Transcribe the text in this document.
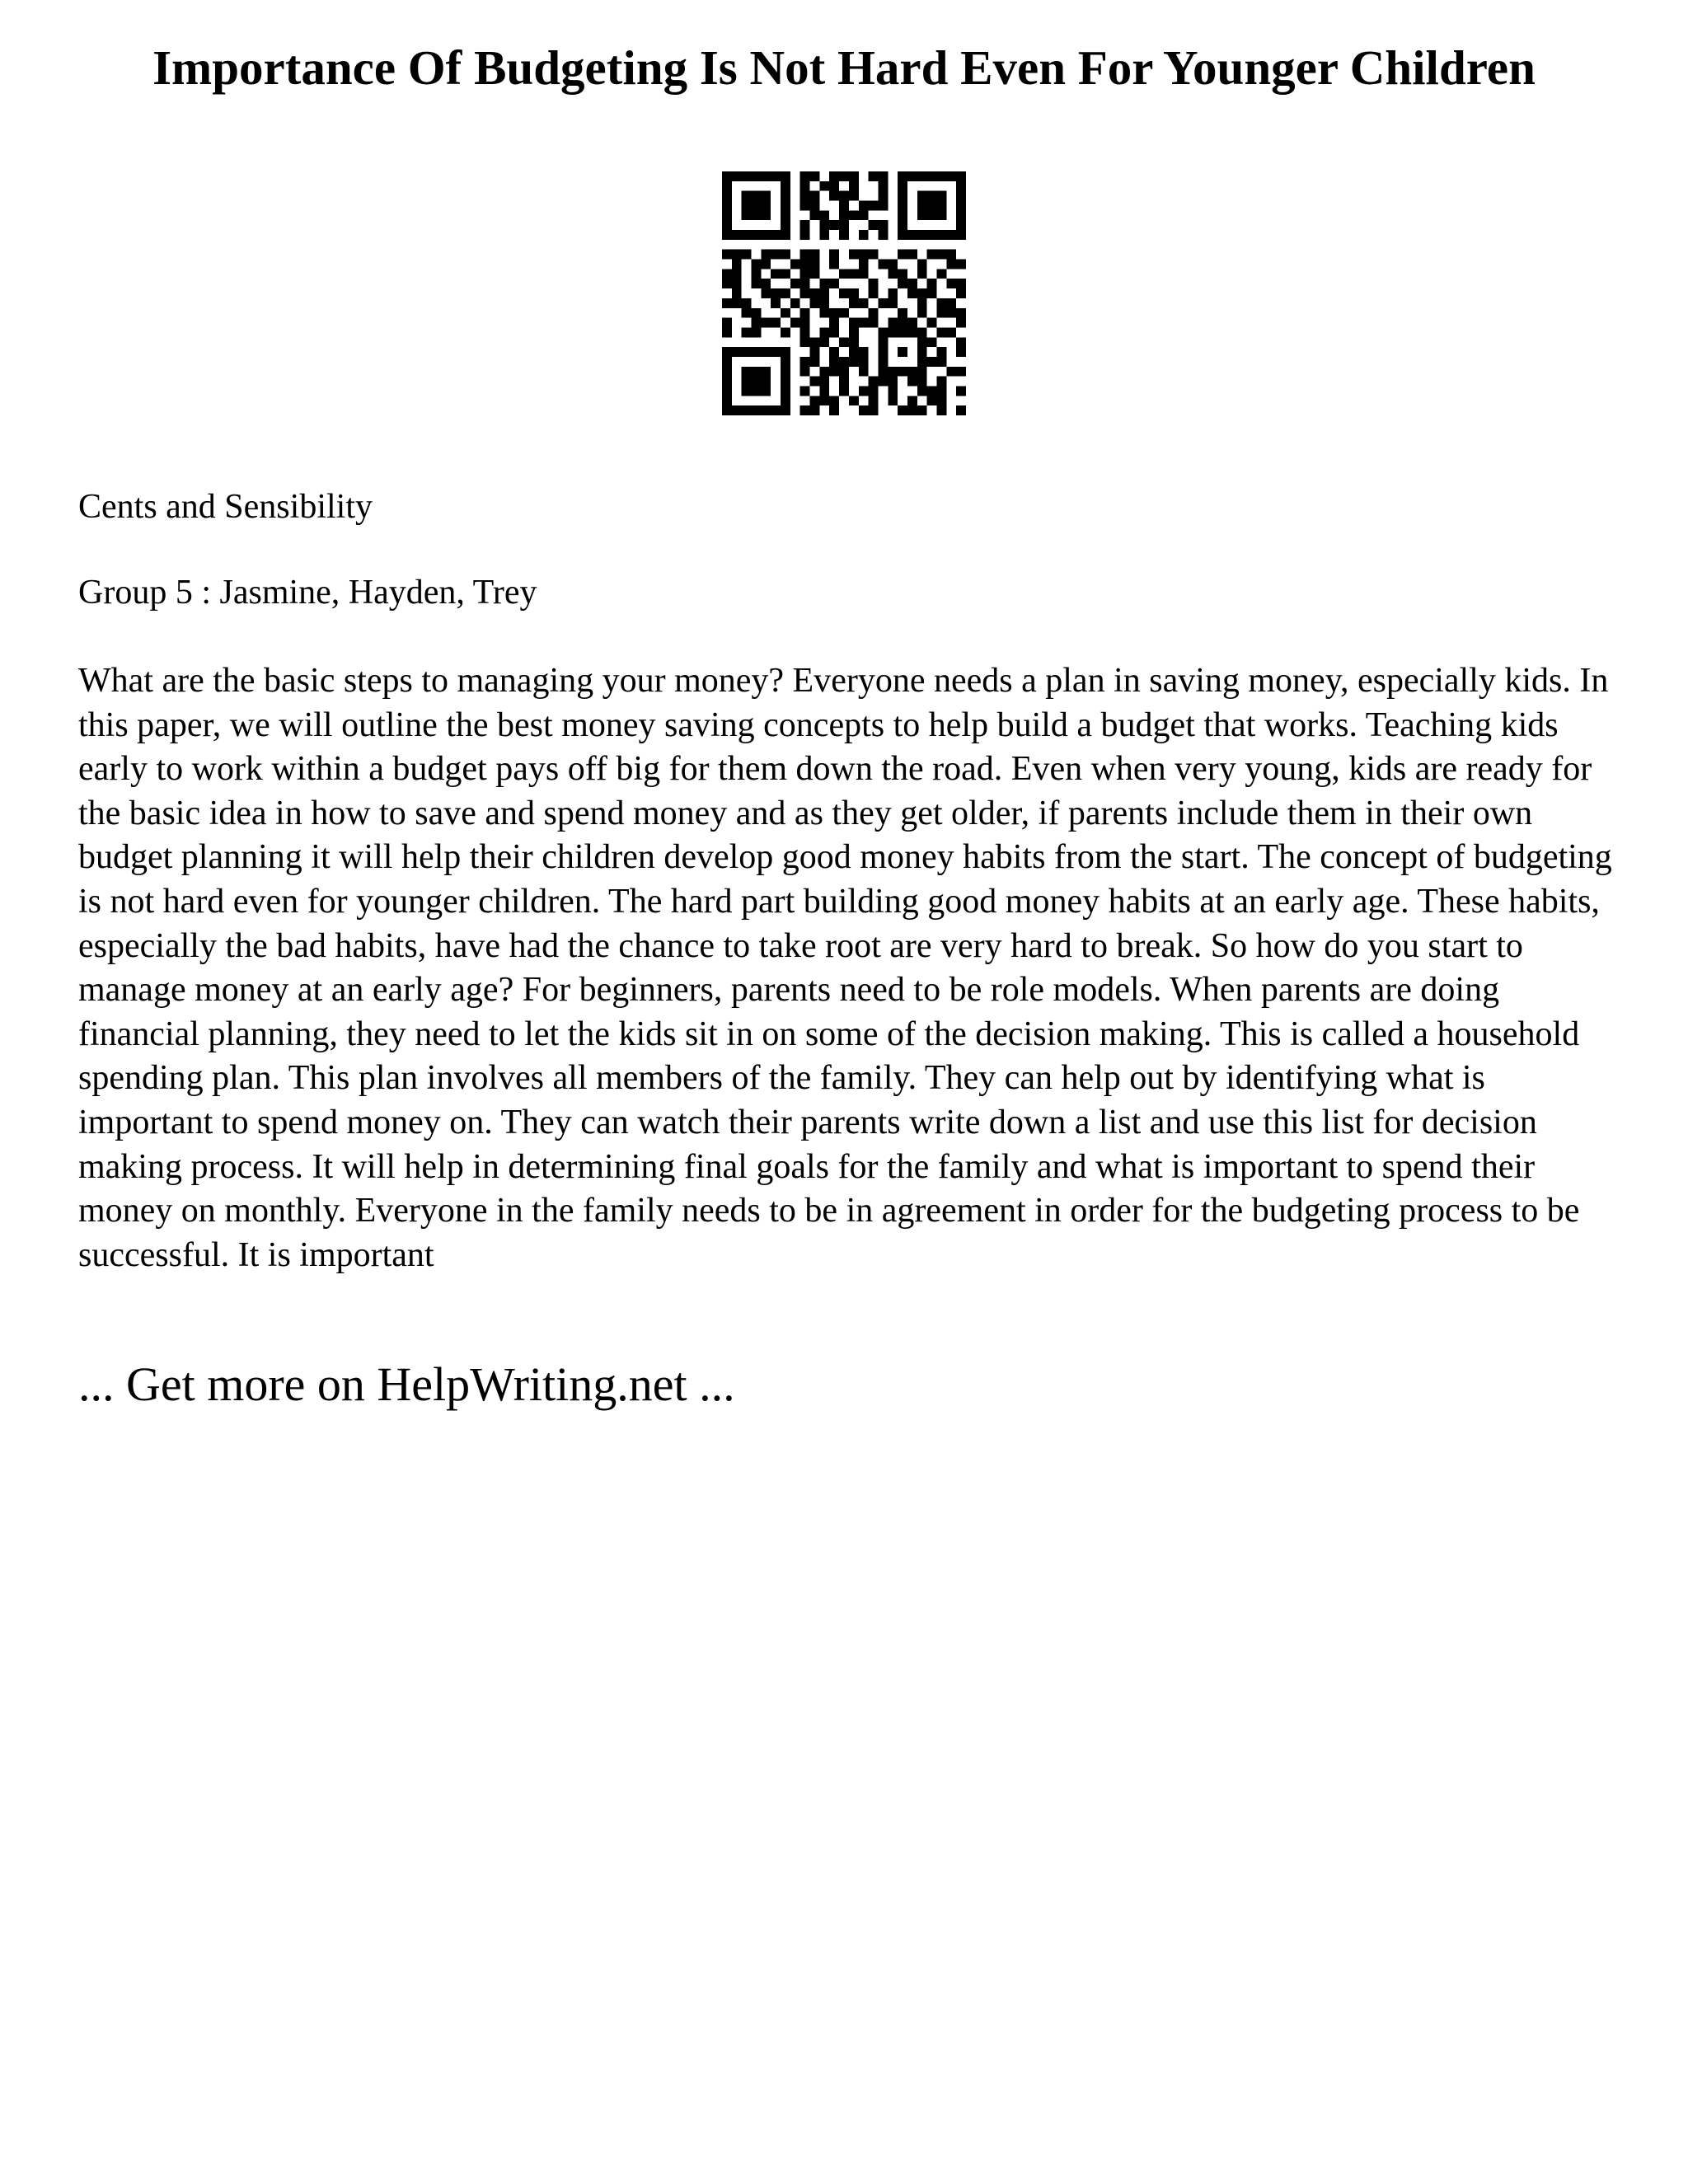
Importance Of Budgeting Is Not Hard Even For Younger Children

Cents and Sensibility

Group 5 : Jasmine, Hayden, Trey

What are the basic steps to managing your money? Everyone needs a plan in saving money, especially kids. In this paper, we will outline the best money saving concepts to help build a budget that works. Teaching kids early to work within a budget pays off big for them down the road. Even when very young, kids are ready for the basic idea in how to save and spend money and as they get older, if parents include them in their own budget planning it will help their children develop good money habits from the start. The concept of budgeting is not hard even for younger children. The hard part building good money habits at an early age. These habits, especially the bad habits, have had the chance to take root are very hard to break. So how do you start to manage money at an early age? For beginners, parents need to be role models. When parents are doing financial planning, they need to let the kids sit in on some of the decision making. This is called a household spending plan. This plan involves all members of the family. They can help out by identifying what is important to spend money on. They can watch their parents write down a list and use this list for decision making process. It will help in determining final goals for the family and what is important to spend their money on monthly. Everyone in the family needs to be in agreement in order for the budgeting process to be successful. It is important

... Get more on HelpWriting.net ...
